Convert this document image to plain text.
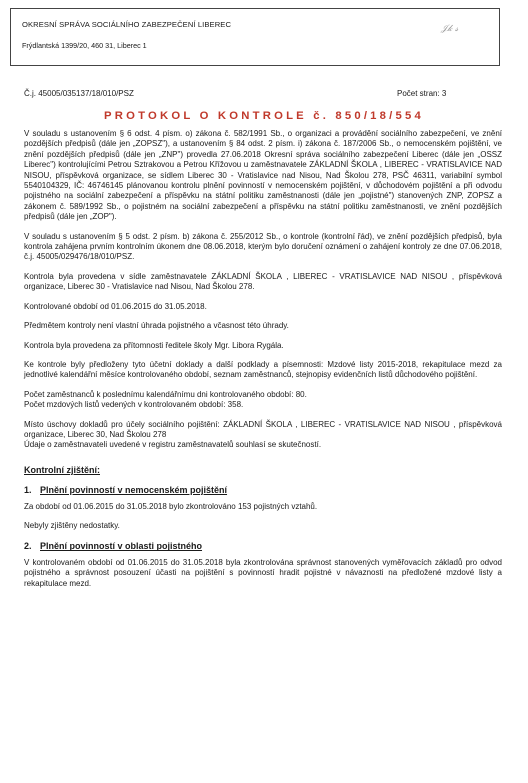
OKRESNÍ SPRÁVA SOCIÁLNÍHO ZABEZPEČENÍ LIBEREC
Frýdlantská 1399/20, 460 31, Liberec 1
𝒥𝓀 𝓈
Č.j. 45005/035137/18/010/PSZ	Počet stran: 3
PROTOKOL O KONTROLE č. 850/18/554

V souladu s ustanovením § 6 odst. 4 písm. o) zákona č. 582/1991 Sb., o organizaci a provádění sociálního zabezpečení, ve znění pozdějších předpisů (dále jen „ZOPSZ"), a ustanovením § 84 odst. 2 písm. i) zákona č. 187/2006 Sb., o nemocenském pojištění, ve znění pozdějších předpisů (dále jen „ZNP") provedla 27.06.2018 Okresní správa sociálního zabezpečení Liberec (dále jen „OSSZ Liberec") kontrolujícími Petrou Sztrakovou a Petrou Křížovou u zaměstnavatele ZÁKLADNÍ ŠKOLA , LIBEREC - VRATISLAVICE NAD NISOU, příspěvková organizace, se sídlem Liberec 30 - Vratislavice nad Nisou, Nad Školou 278, PSČ 46311, variabilní symbol 5540104329, IČ: 46746145 plánovanou kontrolu plnění povinností v nemocenském pojištění, v důchodovém pojištění a při odvodu pojistného na sociální zabezpečení a příspěvku na státní politiku zaměstnanosti (dále jen „pojistné") stanovených ZNP, ZOPSZ a zákonem č. 589/1992 Sb., o pojistném na sociální zabezpečení a příspěvku na státní politiku zaměstnanosti, ve znění pozdějších předpisů (dále jen „ZOP").

V souladu s ustanovením § 5 odst. 2 písm. b) zákona č. 255/2012 Sb., o kontrole (kontrolní řád), ve znění pozdějších předpisů, byla kontrola zahájena prvním kontrolním úkonem dne 08.06.2018, kterým bylo doručení oznámení o zahájení kontroly ze dne 07.06.2018, č.j. 45005/029476/18/010/PSZ.

Kontrola byla provedena v sídle zaměstnavatele ZÁKLADNÍ ŠKOLA , LIBEREC - VRATISLAVICE NAD NISOU , příspěvková organizace, Liberec 30 - Vratislavice nad Nisou, Nad Školou 278.

Kontrolované období od 01.06.2015 do 31.05.2018.

Předmětem kontroly není vlastní úhrada pojistného a včasnost této úhrady.

Kontrola byla provedena za přítomnosti ředitele školy Mgr. Libora Rygála.

Ke kontrole byly předloženy tyto účetní doklady a další podklady a písemnosti: Mzdové listy 2015-2018, rekapitulace mezd za jednotlivé kalendářní měsíce kontrolovaného období, seznam zaměstnanců, stejnopisy evidenčních listů důchodového pojištění.

Počet zaměstnanců k poslednímu kalendářnímu dni kontrolovaného období: 80.

Počet mzdových listů vedených v kontrolovaném období: 358.

Místo úschovy dokladů pro účely sociálního pojištění: ZÁKLADNÍ ŠKOLA , LIBEREC - VRATISLAVICE NAD NISOU , příspěvková organizace, Liberec 30, Nad Školou 278

Údaje o zaměstnavateli uvedené v registru zaměstnavatelů souhlasí se skutečností.

Kontrolní zjištění:
1. Plnění povinností v nemocenském pojištění

Za období od 01.06.2015 do 31.05.2018 bylo zkontrolováno 153 pojistných vztahů.

Nebyly zjištěny nedostatky.

2. Plnění povinností v oblasti pojistného

V kontrolovaném období od 01.06.2015 do 31.05.2018 byla zkontrolována správnost stanovených vyměřovacích základů pro odvod pojistného a správnost posouzení účasti na pojištění s povinností hradit pojistné v návaznosti na předložené mzdové listy a rekapitulace mezd.
